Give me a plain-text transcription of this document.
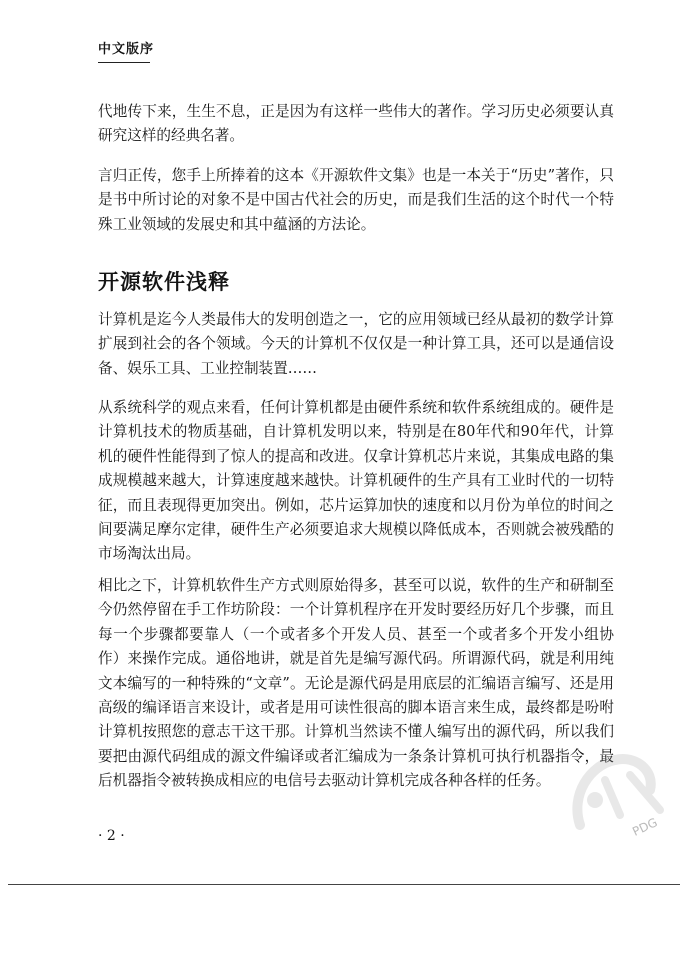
中文版序

代地传下来，生生不息，正是因为有这样一些伟大的著作。学习历史必须要认真研究这样的经典名著。

言归正传，您手上所捧着的这本《开源软件文集》也是一本关于“历史”著作，只是书中所讨论的对象不是中国古代社会的历史，而是我们生活的这个时代一个特殊工业领域的发展史和其中蕴涵的方法论。

开源软件浅释

计算机是迄今人类最伟大的发明创造之一，它的应用领域已经从最初的数学计算扩展到社会的各个领域。今天的计算机不仅仅是一种计算工具，还可以是通信设备、娱乐工具、工业控制装置……

从系统科学的观点来看，任何计算机都是由硬件系统和软件系统组成的。硬件是计算机技术的物质基础，自计算机发明以来，特别是在80年代和90年代，计算机的硬件性能得到了惊人的提高和改进。仅拿计算机芯片来说，其集成电路的集成规模越来越大，计算速度越来越快。计算机硬件的生产具有工业时代的一切特征，而且表现得更加突出。例如，芯片运算加快的速度和以月份为单位的时间之间要满足摩尔定律，硬件生产必须要追求大规模以降低成本，否则就会被残酷的市场淘汰出局。

相比之下，计算机软件生产方式则原始得多，甚至可以说，软件的生产和研制至今仍然停留在手工作坊阶段：一个计算机程序在开发时要经历好几个步骤，而且每一个步骤都要靠人（一个或者多个开发人员、甚至一个或者多个开发小组协作）来操作完成。通俗地讲，就是首先是编写源代码。所谓源代码，就是利用纯文本编写的一种特殊的“文章”。无论是源代码是用底层的汇编语言编写、还是用高级的编译语言来设计，或者是用可读性很高的脚本语言来生成，最终都是吩咐计算机按照您的意志干这干那。计算机当然读不懂人编写出的源代码，所以我们要把由源代码组成的源文件编译或者汇编成为一条条计算机可执行机器指令，最后机器指令被转换成相应的电信号去驱动计算机完成各种各样的任务。

· 2 ·	PDG
